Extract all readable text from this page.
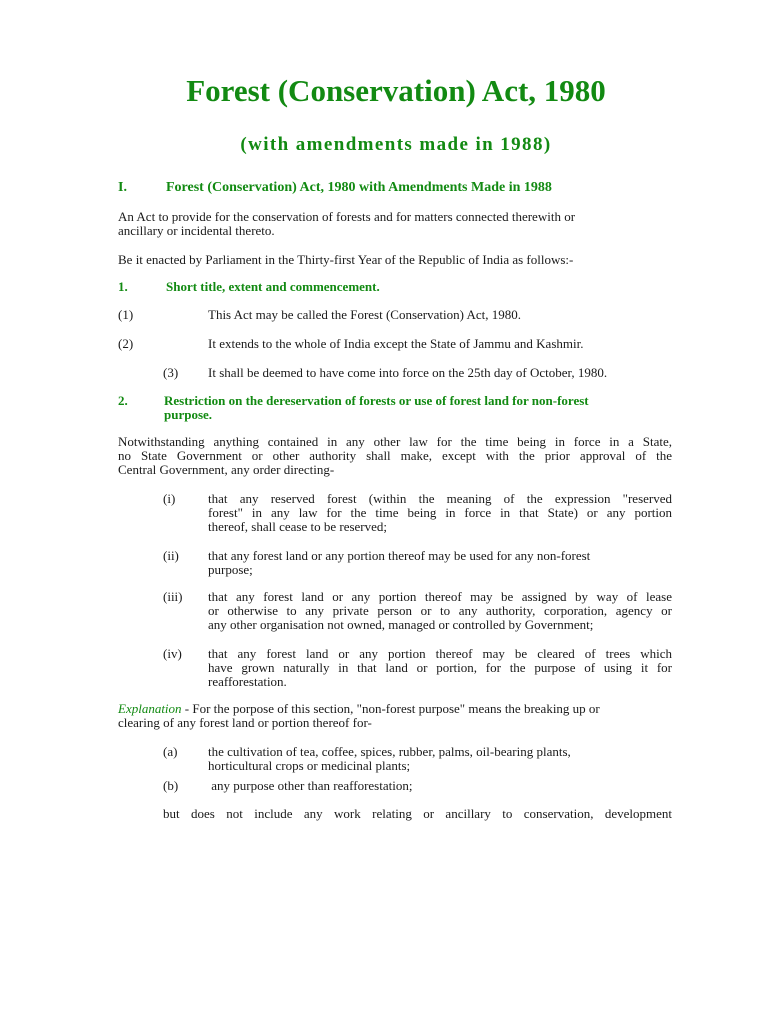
Forest (Conservation) Act, 1980
(with amendments made in 1988)
I.	Forest (Conservation) Act, 1980 with Amendments Made in 1988
An Act to provide for the conservation of forests and for matters connected therewith or
ancillary or incidental thereto.
Be it enacted by Parliament in the Thirty-first Year of the Republic of India as follows:-
1.	Short title, extent and commencement.
(1)	This Act may be called the Forest (Conservation) Act, 1980.
(2)	It extends to the whole of India except the State of Jammu and Kashmir.
(3) It shall be deemed to have come into force on the 25th day of October, 1980.
2.	Restriction on the dereservation of forests or use of forest land for non-forest
purpose.
Notwithstanding anything contained in any other law for the time being in force in a State,
no State Government or other authority shall make, except with the prior approval of the
Central Government, any order directing-
(i)	that any reserved forest (within the meaning of the expression "reserved
forest" in any law for the time being in force in that State) or any portion
thereof, shall cease to be reserved;
(ii) that any forest land or any portion thereof may be used for any non-forest
purpose;
(iii) that any forest land or any portion thereof may be assigned by way of lease
or otherwise to any private person or to any authority, corporation, agency or
any other organisation not owned, managed or controlled by Government;
(iv) that any forest land or any portion thereof may be cleared of trees which
have grown naturally in that land or portion, for the purpose of using it for
reafforestation.
Explanation - For the porpose of this section, "non-forest purpose" means the breaking up or
clearing of any forest land or portion thereof for-
(a) the cultivation of tea, coffee, spices, rubber, palms, oil-bearing plants,
horticultural crops or medicinal plants;
(b) any purpose other than reafforestation;
but does not include any work relating or ancillary to conservation, development
